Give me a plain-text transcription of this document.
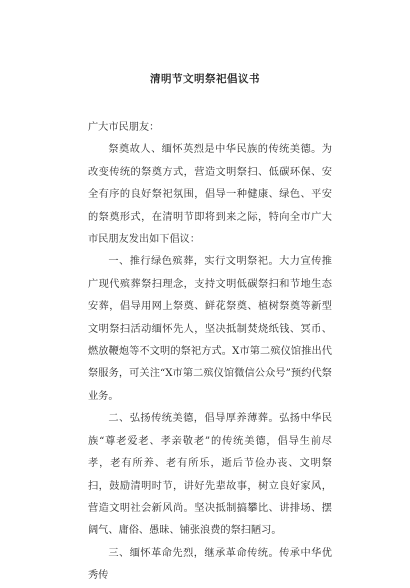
清明节文明祭祀倡议书

广大市民朋友：

祭奠故人、缅怀英烈是中华民族的传统美德。为改变传统的祭奠方式，营造文明祭扫、低碳环保、安全有序的良好祭祀氛围，倡导一种健康、绿色、平安的祭奠形式，在清明节即将到来之际，特向全市广大市民朋友发出如下倡议：

一、推行绿色殡葬，实行文明祭祀。大力宣传推广现代殡葬祭扫理念，支持文明低碳祭扫和节地生态安葬，倡导用网上祭奠、鲜花祭奠、植树祭奠等新型文明祭扫活动缅怀先人，坚决抵制焚烧纸钱、冥币、燃放鞭炮等不文明的祭祀方式。X市第二殡仪馆推出代祭服务，可关注“X市第二殡仪馆微信公众号”预约代祭业务。

二、弘扬传统美德，倡导厚养薄葬。弘扬中华民族“尊老爱老、孝亲敬老”的传统美德，倡导生前尽孝，老有所养、老有所乐，逝后节俭办丧、文明祭扫，鼓励清明时节，讲好先辈故事，树立良好家风，营造文明社会新风尚。坚决抵制搞攀比、讲排场、摆阔气、庸俗、愚昧、铺张浪费的祭扫陋习。

三、缅怀革命先烈，继承革命传统。传承中华优秀传
